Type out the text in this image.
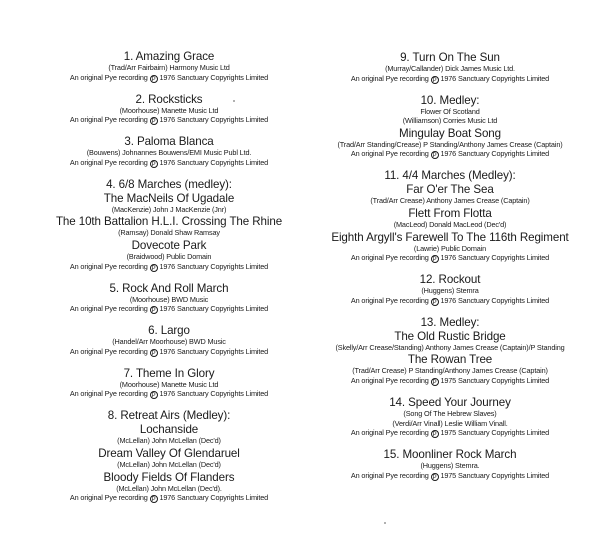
1. Amazing Grace
(Trad/Arr Fairbairn) Harmony Music Ltd
An original Pye recording P 1976 Sanctuary Copyrights Limited
2. Rocksticks
(Moorhouse) Manette Music Ltd
An original Pye recording P 1976 Sanctuary Copyrights Limited
3. Paloma Blanca
(Bouwens) Johnannes Bouwens/EMI Music Publ Ltd.
An original Pye recording P 1976 Sanctuary Copyrights Limited
4. 6/8 Marches (medley):
The MacNeils Of Ugadale
(MacKenzie) John J MacKenzie (Jnr)
The 10th Battalion H.L.I. Crossing The Rhine
(Ramsay) Donald Shaw Ramsay
Dovecote Park
(Braidwood) Public Domain
An original Pye recording P 1976 Sanctuary Copyrights Limited
5. Rock And Roll March
(Moorhouse) BWD Music
An original Pye recording P 1976 Sanctuary Copyrights Limited
6. Largo
(Handel/Arr Moorhouse) BWD Music
An original Pye recording P 1976 Sanctuary Copyrights Limited
7. Theme In Glory
(Moorhouse) Manette Music Ltd
An original Pye recording P 1976 Sanctuary Copyrights Limited
8. Retreat Airs (Medley):
Lochanside
(McLellan) John McLellan (Dec'd)
Dream Valley Of Glendaruel
(McLellan) John McLellan (Dec'd)
Bloody Fields Of Flanders
(McLellan) John McLellan (Dec'd).
An original Pye recording P 1976 Sanctuary Copyrights Limited
9. Turn On The Sun
(Murray/Callander) Dick James Music Ltd.
An original Pye recording P 1976 Sanctuary Copyrights Limited
10. Medley:
Flower Of Scotland
(Williamson) Corries Music Ltd
Mingulay Boat Song
(Trad/Arr Standing/Crease) P Standing/Anthony James Crease (Captain)
An original Pye recording P 1976 Sanctuary Copyrights Limited
11. 4/4 Marches (Medley):
Far O'er The Sea
(Trad/Arr Crease) Anthony James Crease (Captain)
Flett From Flotta
(MacLeod) Donald MacLeod (Dec'd)
Eighth Argyll's Farewell To The 116th Regiment
(Lawrie) Public Domain
An original Pye recording P 1976 Sanctuary Copyrights Limited
12. Rockout
(Huggens) Stemra
An original Pye recording P 1976 Sanctuary Copyrights Limited
13. Medley:
The Old Rustic Bridge
(Skelly/Arr Crease/Standing) Anthony James Crease (Captain)/P Standing
The Rowan Tree
(Trad/Arr Crease) P Standing/Anthony James Crease (Captain)
An original Pye recording P 1975 Sanctuary Copyrights Limited
14. Speed Your Journey
(Song Of The Hebrew Slaves)
(Verdi/Arr Vinall) Leslie William Vinall.
An original Pye recording P 1975 Sanctuary Copyrights Limited
15. Moonliner Rock March
(Huggens) Stemra.
An original Pye recording P 1975 Sanctuary Copyrights Limited
